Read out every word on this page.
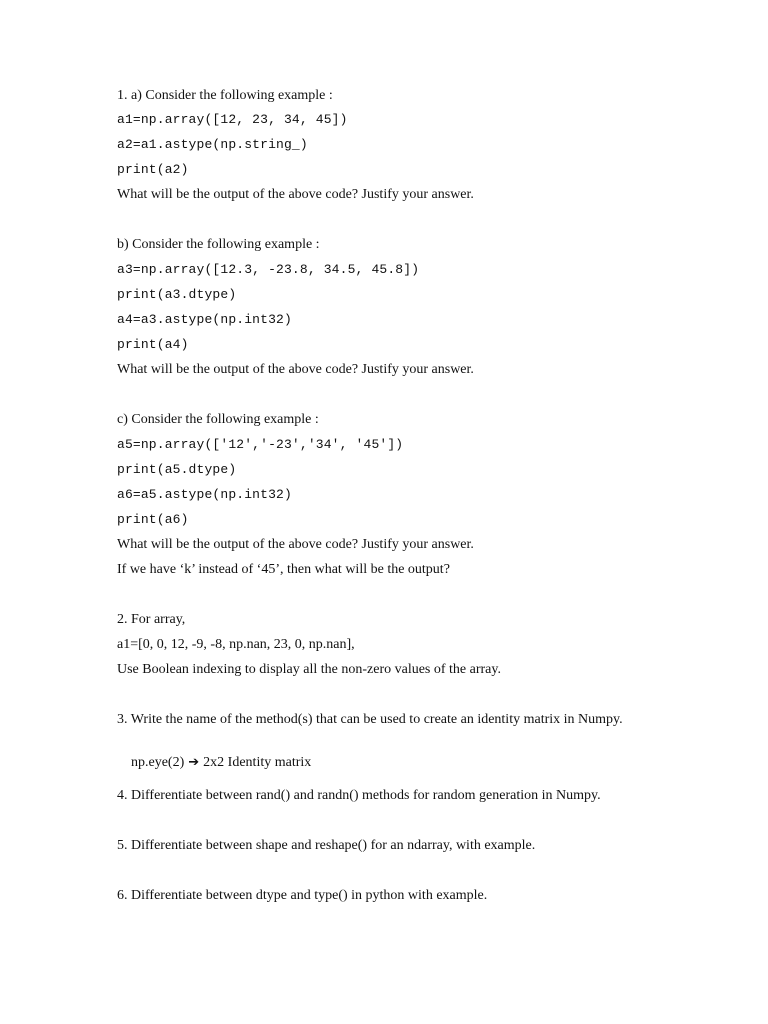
1. a) Consider the following example :
a1=np.array([12, 23, 34, 45])
a2=a1.astype(np.string_)
print(a2)
What will be the output of the above code? Justify your answer.
b) Consider the following example :
a3=np.array([12.3, -23.8, 34.5, 45.8])
print(a3.dtype)
a4=a3.astype(np.int32)
print(a4)
What will be the output of the above code? Justify your answer.
c) Consider the following example :
a5=np.array(['12','-23','34', '45'])
print(a5.dtype)
a6=a5.astype(np.int32)
print(a6)
What will be the output of the above code? Justify your answer.
If we have ‘k’ instead of ‘45’, then what will be the output?
2. For array,
a1=[0, 0, 12, -9, -8, np.nan, 23, 0, np.nan],
Use Boolean indexing to display all the non-zero values of the array.
3. Write the name of the method(s) that can be used to create an identity matrix in Numpy.

np.eye(2) ➔ 2x2 Identity matrix

4. Differentiate between rand() and randn() methods for random generation in Numpy.
5. Differentiate between shape and reshape() for an ndarray, with example.
6. Differentiate between dtype and type() in python with example.
